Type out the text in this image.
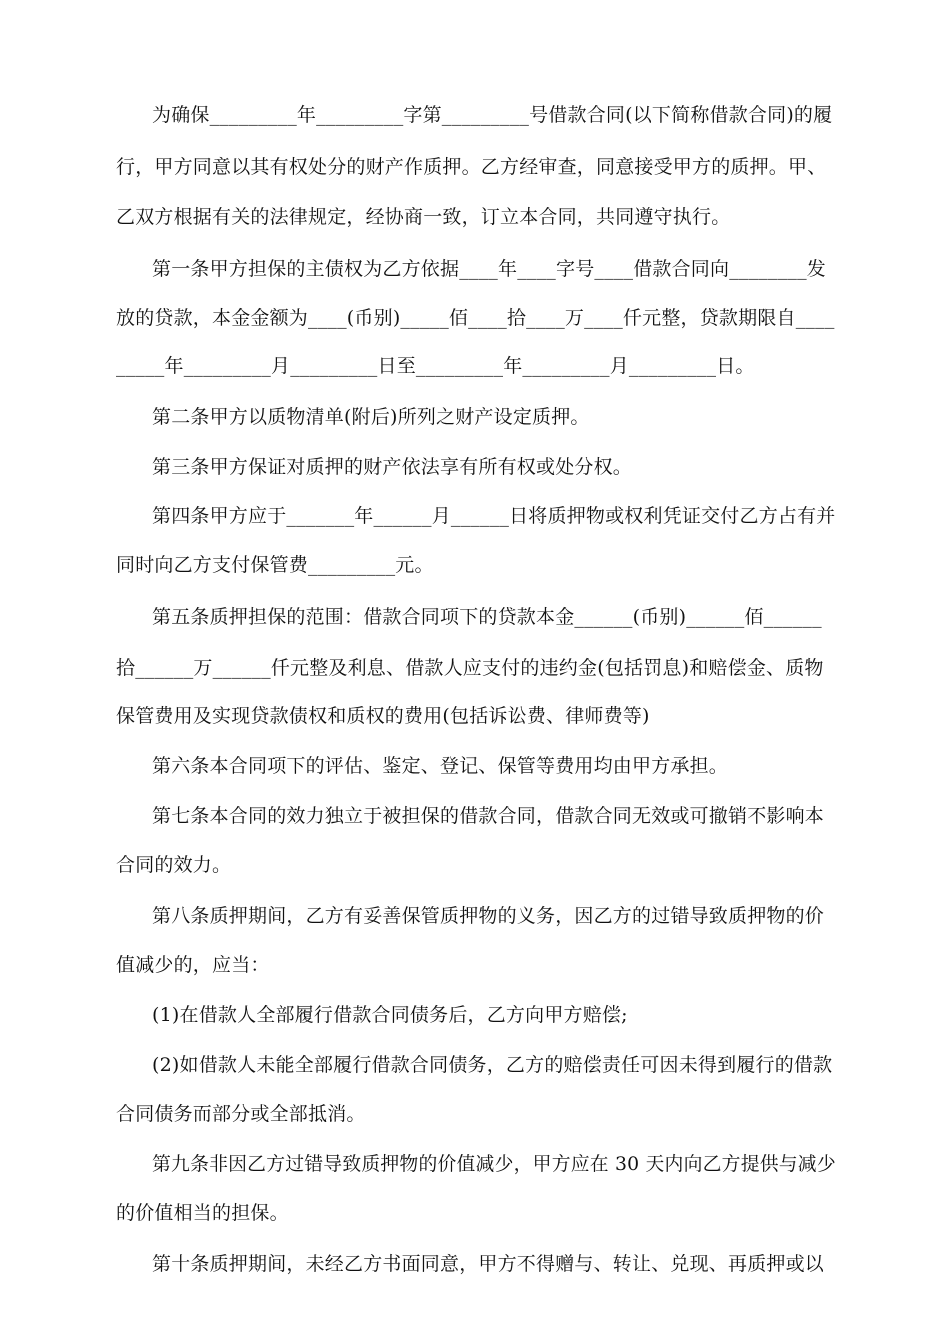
为确保_________年_________字第_________号借款合同(以下简称借款合同)的履
行，甲方同意以其有权处分的财产作质押。乙方经审查，同意接受甲方的质押。甲、
乙双方根据有关的法律规定，经协商一致，订立本合同，共同遵守执行。
第一条甲方担保的主债权为乙方依据____年____字号____借款合同向________发
放的贷款，本金金额为____(币别)_____佰____拾____万____仟元整，贷款期限自____
_____年_________月_________日至_________年_________月_________日。
第二条甲方以质物清单(附后)所列之财产设定质押。
第三条甲方保证对质押的财产依法享有所有权或处分权。
第四条甲方应于_______年______月______日将质押物或权利凭证交付乙方占有并
同时向乙方支付保管费_________元。
第五条质押担保的范围：借款合同项下的贷款本金______(币别)______佰______
拾______万______仟元整及利息、借款人应支付的违约金(包括罚息)和赔偿金、质物
保管费用及实现贷款债权和质权的费用(包括诉讼费、律师费等)
第六条本合同项下的评估、鉴定、登记、保管等费用均由甲方承担。
第七条本合同的效力独立于被担保的借款合同，借款合同无效或可撤销不影响本
合同的效力。
第八条质押期间，乙方有妥善保管质押物的义务，因乙方的过错导致质押物的价
值减少的，应当：
(1)在借款人全部履行借款合同债务后，乙方向甲方赔偿;
(2)如借款人未能全部履行借款合同债务，乙方的赔偿责任可因未得到履行的借款
合同债务而部分或全部抵消。
第九条非因乙方过错导致质押物的价值减少，甲方应在 30 天内向乙方提供与减少
的价值相当的担保。
第十条质押期间，未经乙方书面同意，甲方不得赠与、转让、兑现、再质押或以
